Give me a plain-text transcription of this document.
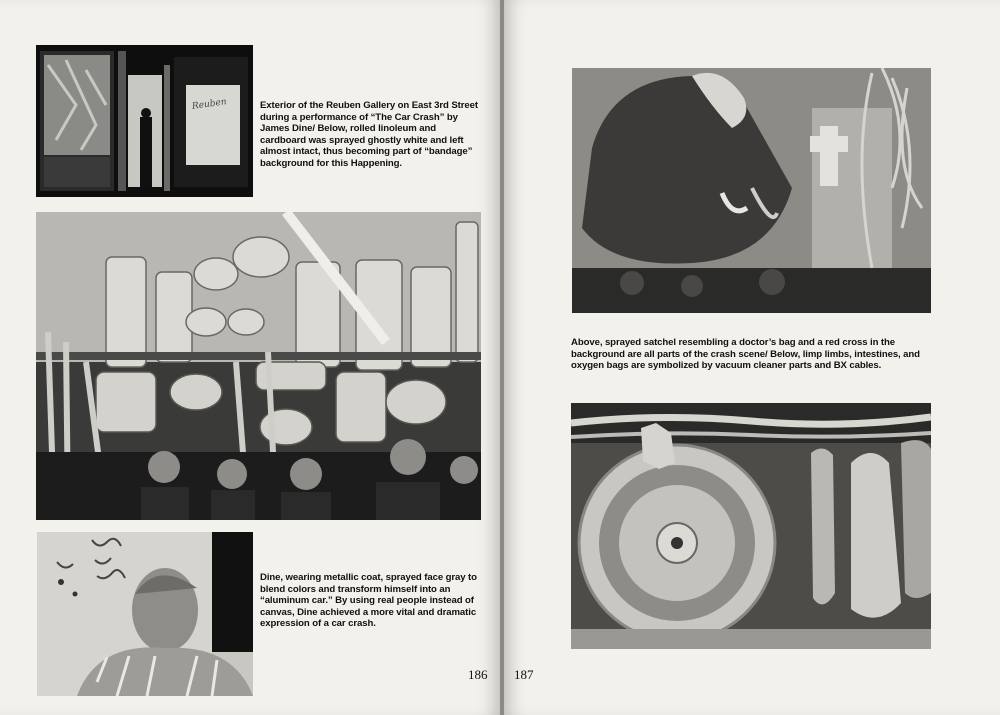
Reuben	Exterior of the Reuben Gallery on East 3rd Street during a performance of “The Car Crash” by James Dine/ Below, rolled linoleum and cardboard was sprayed ghostly white and left almost intact, thus becoming part of “bandage” background for this Happening.
Dine, wearing metallic coat, sprayed face gray to blend colors and transform himself into an “aluminum car.” By using real people instead of canvas, Dine achieved a more vital and dramatic expression of a car crash.
186
Above, sprayed satchel resembling a doctor’s bag and a red cross in the background are all parts of the crash scene/ Below, limp limbs, intestines, and oxygen bags are symbolized by vacuum cleaner parts and BX cables.
187
